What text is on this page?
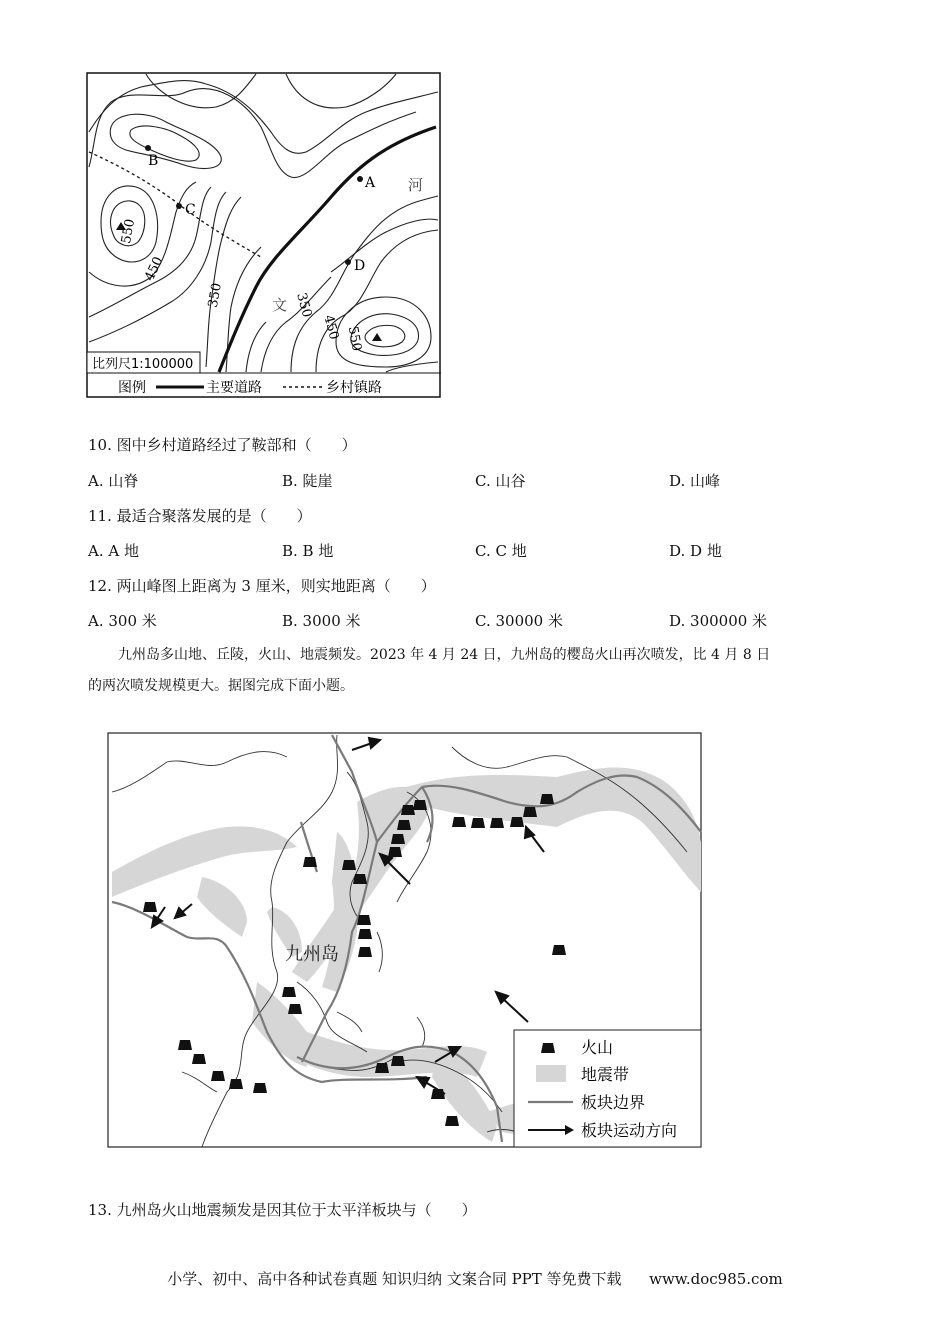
B
C
A
D
550
450
350	350
450 550
河
文
比列尺1:100000
图例	主要道路	乡村镇路
10. 图中乡村道路经过了鞍部和（　　）
A. 山脊	B. 陡崖	C. 山谷	D. 山峰
11. 最适合聚落发展的是（　　）
A. A 地	B. B 地	C. C 地	D. D 地
12. 两山峰图上距离为 3 厘米，则实地距离（　　）
A. 300 米	B. 3000 米	C. 30000 米	D. 300000 米
九州岛多山地、丘陵，火山、地震频发。2023 年 4 月 24 日，九州岛的樱岛火山再次喷发，比 4 月 8 日
的两次喷发规模更大。据图完成下面小题。
九州岛
火山
地震带
板块边界
板块运动方向
13. 九州岛火山地震频发是因其位于太平洋板块与（　　）
小学、初中、高中各种试卷真题 知识归纳 文案合同 PPT 等免费下载 www.doc985.com
